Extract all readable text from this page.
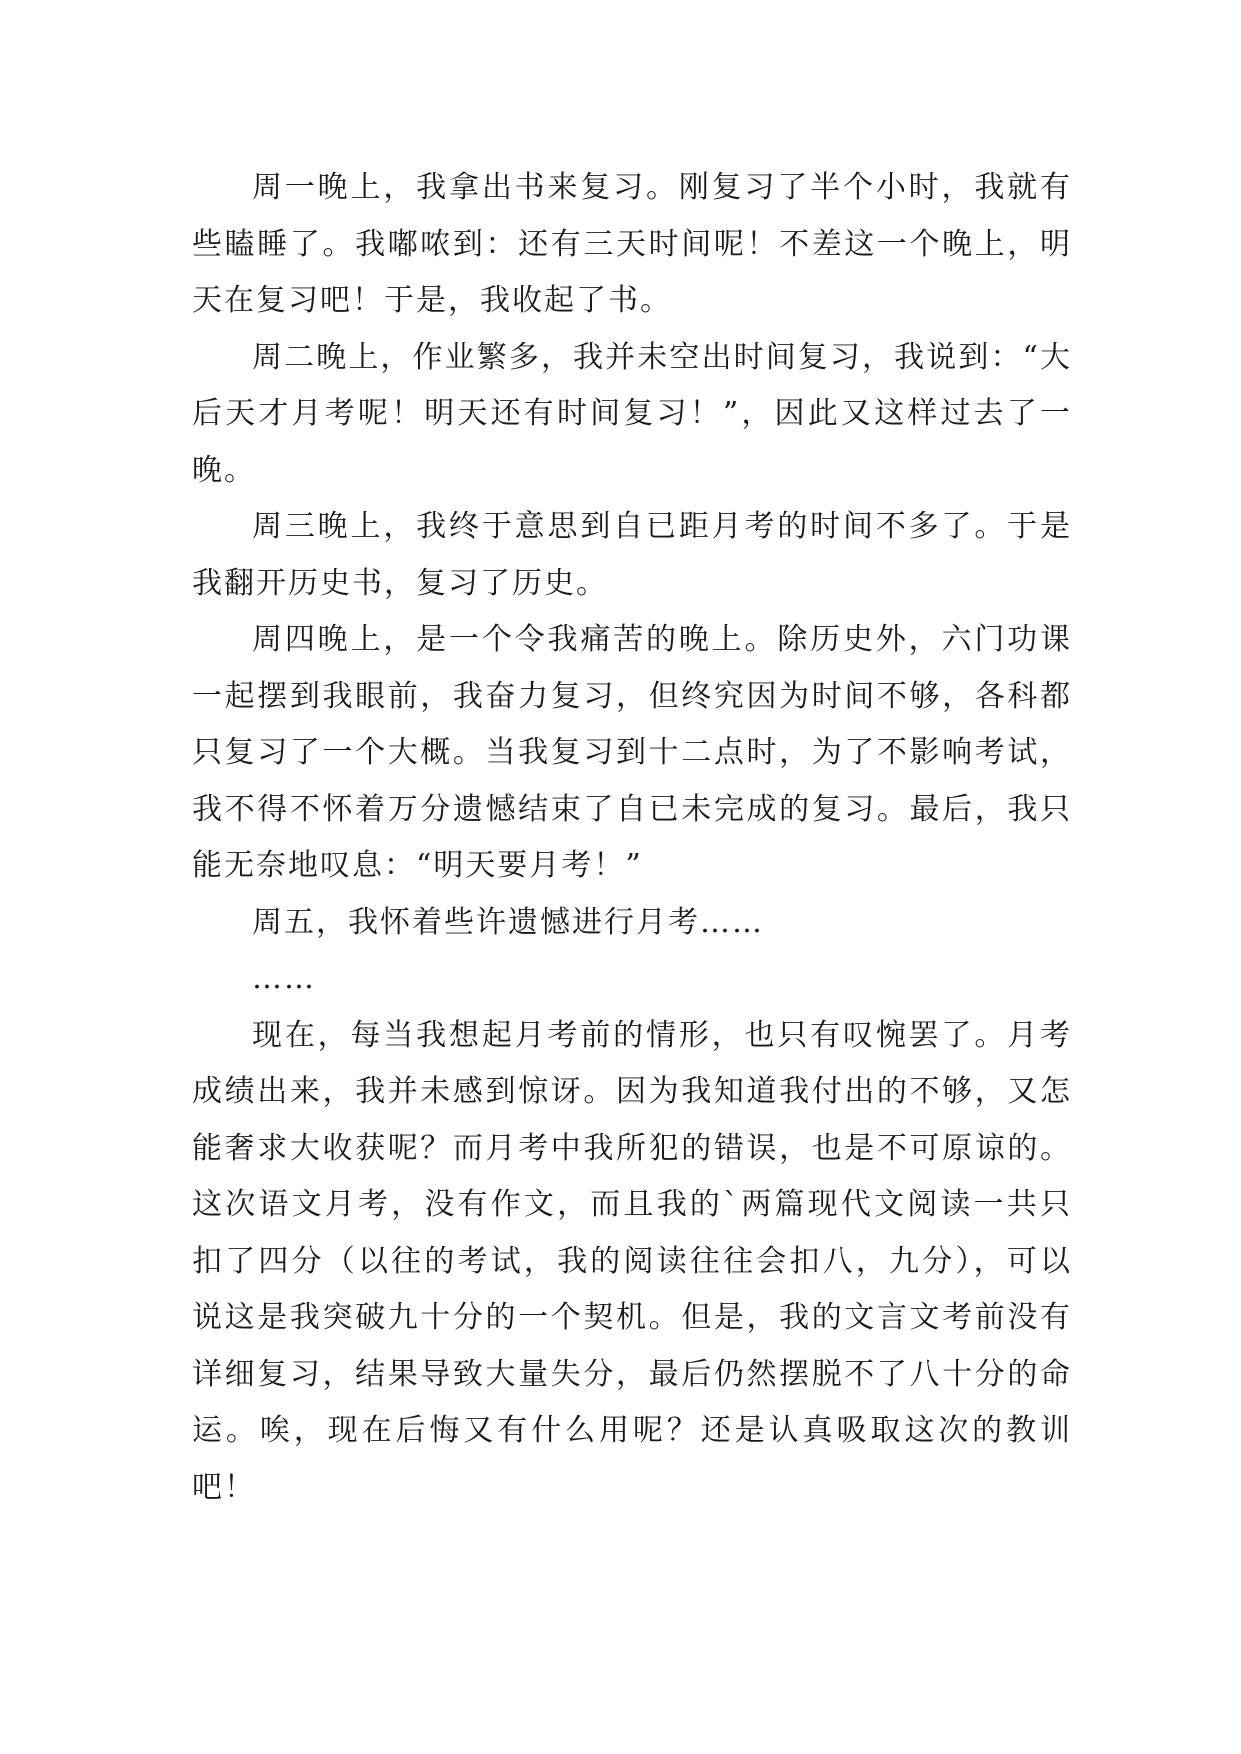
周一晚上，我拿出书来复习。刚复习了半个小时，我就有些瞌睡了。我嘟哝到：还有三天时间呢！不差这一个晚上，明天在复习吧！于是，我收起了书。

周二晚上，作业繁多，我并未空出时间复习，我说到：“大后天才月考呢！明天还有时间复习！”，因此又这样过去了一晚。

周三晚上，我终于意思到自已距月考的时间不多了。于是我翻开历史书，复习了历史。

周四晚上，是一个令我痛苦的晚上。除历史外，六门功课一起摆到我眼前，我奋力复习，但终究因为时间不够，各科都只复习了一个大概。当我复习到十二点时，为了不影响考试，我不得不怀着万分遗憾结束了自已未完成的复习。最后，我只能无奈地叹息：“明天要月考！”

周五，我怀着些许遗憾进行月考……

……

现在，每当我想起月考前的情形，也只有叹惋罢了。月考成绩出来，我并未感到惊讶。因为我知道我付出的不够，又怎能奢求大收获呢？而月考中我所犯的错误，也是不可原谅的。这次语文月考，没有作文，而且我的`两篇现代文阅读一共只扣了四分（以往的考试，我的阅读往往会扣八，九分），可以说这是我突破九十分的一个契机。但是，我的文言文考前没有详细复习，结果导致大量失分，最后仍然摆脱不了八十分的命运。唉，现在后悔又有什么用呢？还是认真吸取这次的教训吧！
